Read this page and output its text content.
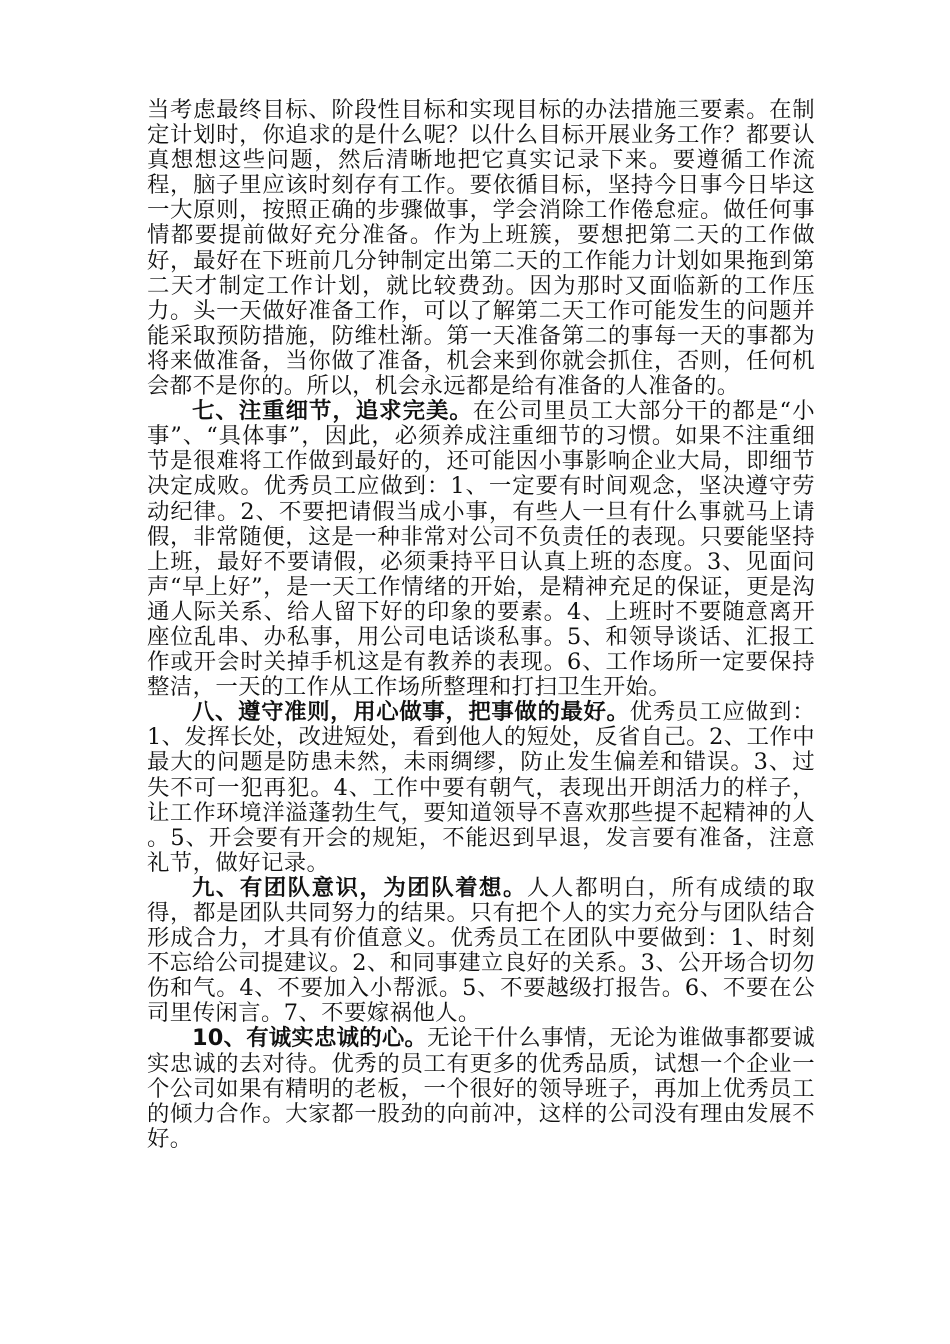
当考虑最终目标、阶段性目标和实现目标的办法措施三要素。在制定计划时，你追求的是什么呢？以什么目标开展业务工作？都要认真想想这些问题，然后清晰地把它真实记录下来。要遵循工作流程，脑子里应该时刻存有工作。要依循目标，坚持今日事今日毕这一大原则，按照正确的步骤做事，学会消除工作倦怠症。做任何事情都要提前做好充分准备。作为上班簇，要想把第二天的工作做好，最好在下班前几分钟制定出第二天的工作能力计划如果拖到第二天才制定工作计划，就比较费劲。因为那时又面临新的工作压力。头一天做好准备工作，可以了解第二天工作可能发生的问题并能采取预防措施，防维杜渐。第一天准备第二的事每一天的事都为将来做准备，当你做了准备，机会来到你就会抓住，否则，任何机会都不是你的。所以，机会永远都是给有准备的人准备的。

七、注重细节，追求完美。在公司里员工大部分干的都是“小事”、“具体事”，因此，必须养成注重细节的习惯。如果不注重细节是很难将工作做到最好的，还可能因小事影响企业大局，即细节决定成败。优秀员工应做到：1、一定要有时间观念，坚决遵守劳动纪律。2、不要把请假当成小事，有些人一旦有什么事就马上请假，非常随便，这是一种非常对公司不负责任的表现。只要能坚持上班，最好不要请假，必须秉持平日认真上班的态度。3、见面问声“早上好”，是一天工作情绪的开始，是精神充足的保证，更是沟通人际关系、给人留下好的印象的要素。4、上班时不要随意离开座位乱串、办私事，用公司电话谈私事。5、和领导谈话、汇报工作或开会时关掉手机这是有教养的表现。6、工作场所一定要保持整洁，一天的工作从工作场所整理和打扫卫生开始。

八、遵守准则，用心做事，把事做的最好。优秀员工应做到：1、发挥长处，改进短处，看到他人的短处，反省自己。2、工作中最大的问题是防患未然，未雨绸缪，防止发生偏差和错误。3、过失不可一犯再犯。4、工作中要有朝气，表现出开朗活力的样子，让工作环境洋溢蓬勃生气，要知道领导不喜欢那些提不起精神的人 。5、开会要有开会的规矩，不能迟到早退，发言要有准备，注意礼节，做好记录。

九、有团队意识，为团队着想。人人都明白，所有成绩的取得，都是团队共同努力的结果。只有把个人的实力充分与团队结合形成合力，才具有价值意义。优秀员工在团队中要做到：1、时刻不忘给公司提建议。2、和同事建立良好的关系。3、公开场合切勿伤和气。4、不要加入小帮派。5、不要越级打报告。6、不要在公司里传闲言。7、不要嫁祸他人。

10、有诚实忠诚的心。无论干什么事情，无论为谁做事都要诚实忠诚的去对待。优秀的员工有更多的优秀品质，试想一个企业一个公司如果有精明的老板，一个很好的领导班子，再加上优秀员工的倾力合作。大家都一股劲的向前冲，这样的公司没有理由发展不好。
